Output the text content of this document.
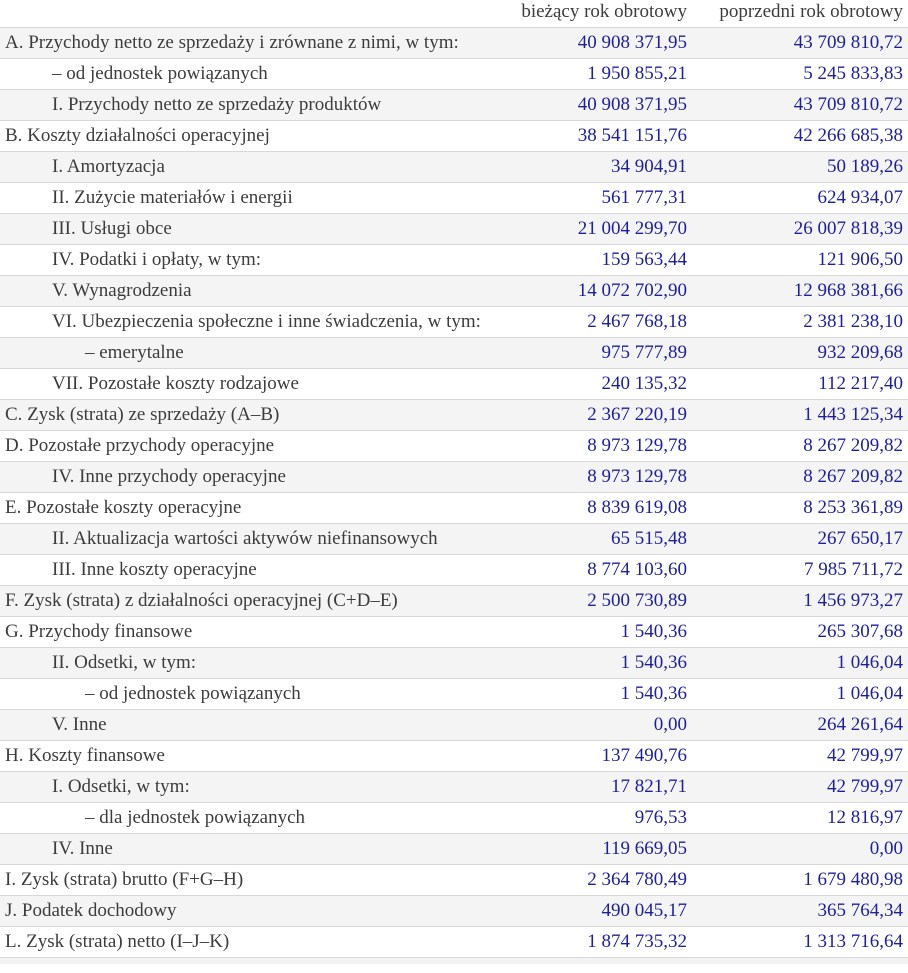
	bieżący rok obrotowy	poprzedni rok obrotowy
A. Przychody netto ze sprzedaży i zrównane z nimi, w tym:	40 908 371,95	43 709 810,72
– od jednostek powiązanych	1 950 855,21	5 245 833,83
I. Przychody netto ze sprzedaży produktów	40 908 371,95	43 709 810,72
B. Koszty działalności operacyjnej	38 541 151,76	42 266 685,38
I. Amortyzacja	34 904,91	50 189,26
II. Zużycie materiałów i energii	561 777,31	624 934,07
III. Usługi obce	21 004 299,70	26 007 818,39
IV. Podatki i opłaty, w tym:	159 563,44	121 906,50
V. Wynagrodzenia	14 072 702,90	12 968 381,66
VI. Ubezpieczenia społeczne i inne świadczenia, w tym:	2 467 768,18	2 381 238,10
– emerytalne	975 777,89	932 209,68
VII. Pozostałe koszty rodzajowe	240 135,32	112 217,40
C. Zysk (strata) ze sprzedaży (A–B)	2 367 220,19	1 443 125,34
D. Pozostałe przychody operacyjne	8 973 129,78	8 267 209,82
IV. Inne przychody operacyjne	8 973 129,78	8 267 209,82
E. Pozostałe koszty operacyjne	8 839 619,08	8 253 361,89
II. Aktualizacja wartości aktywów niefinansowych	65 515,48	267 650,17
III. Inne koszty operacyjne	8 774 103,60	7 985 711,72
F. Zysk (strata) z działalności operacyjnej (C+D–E)	2 500 730,89	1 456 973,27
G. Przychody finansowe	1 540,36	265 307,68
II. Odsetki, w tym:	1 540,36	1 046,04
– od jednostek powiązanych	1 540,36	1 046,04
V. Inne	0,00	264 261,64
H. Koszty finansowe	137 490,76	42 799,97
I. Odsetki, w tym:	17 821,71	42 799,97
– dla jednostek powiązanych	976,53	12 816,97
IV. Inne	119 669,05	0,00
I. Zysk (strata) brutto (F+G–H)	2 364 780,49	1 679 480,98
J. Podatek dochodowy	490 045,17	365 764,34
L. Zysk (strata) netto (I–J–K)	1 874 735,32	1 313 716,64
